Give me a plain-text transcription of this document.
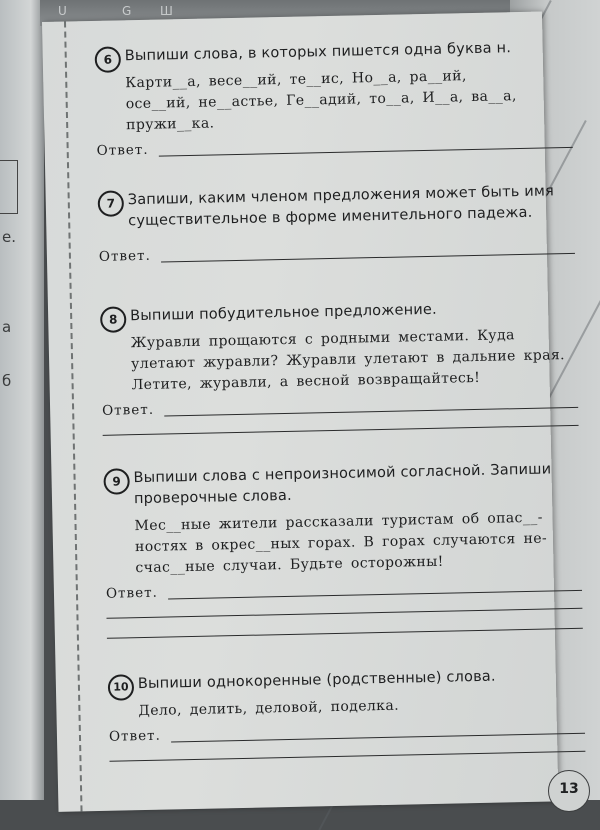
е.
а
б
U	G Ш
6 Выпиши слова, в которых пишется одна буква н.
Карти__а, весе__ий, те__ис, Но__а, ра__ий,
осе__ий, не__астье, Ге__адий, то__а, И__а, ва__а,
пружи__ка.
Ответ.
7 Запиши, каким членом предложения может быть имя существительное в форме именительного падежа.
Ответ.
8 Выпиши побудительное предложение.
Журавли прощаются с родными местами. Куда
улетают журавли? Журавли улетают в дальние края.
Летите, журавли, а весной возвращайтесь!
Ответ.
9 Выпиши слова с непроизносимой согласной. Запиши проверочные слова.
Мес__ные жители рассказали туристам об опас__-
ностях в окрес__ных горах. В горах случаются не-
счас__ные случаи. Будьте осторожны!
Ответ.
10 Выпиши однокоренные (родственные) слова.
Дело, делить, деловой, поделка.
Ответ.
13
